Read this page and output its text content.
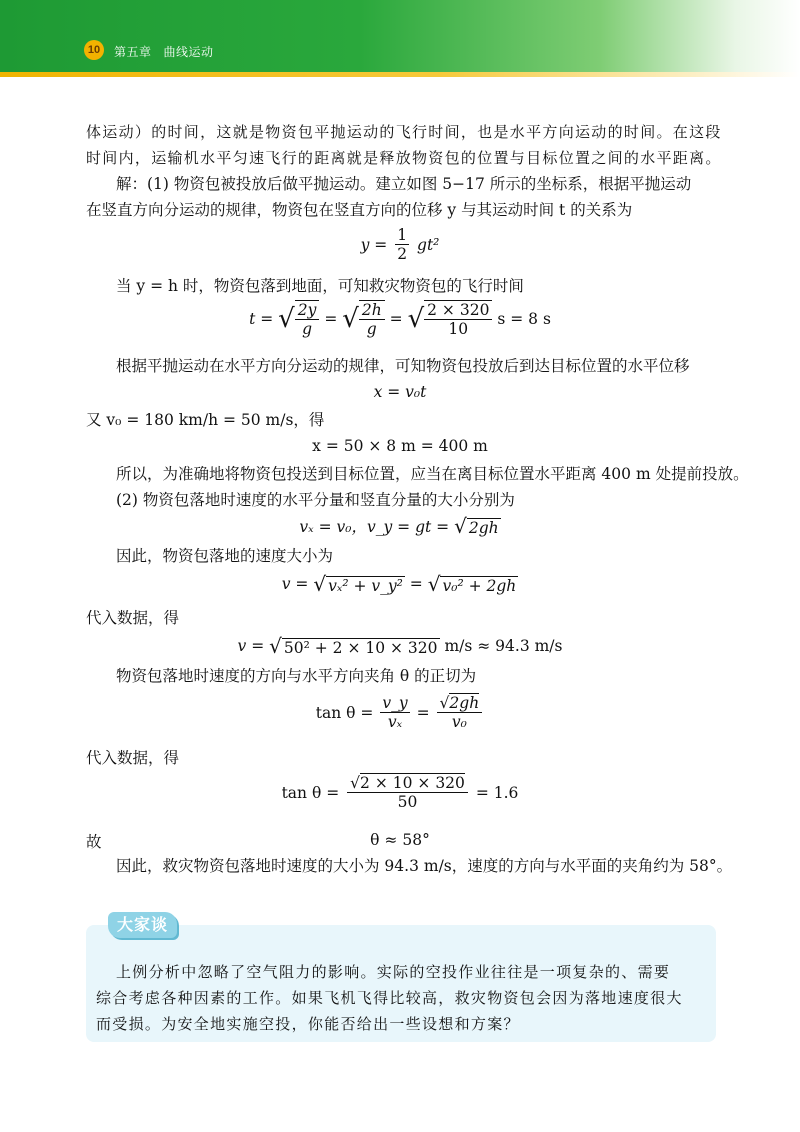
10	第五章 曲线运动
体运动）的时间，这就是物资包平抛运动的飞行时间，也是水平方向运动的时间。在这段
时间内，运输机水平匀速飞行的距离就是释放物资包的位置与目标位置之间的水平距离。
解：(1) 物资包被投放后做平抛运动。建立如图 5−17 所示的坐标系，根据平抛运动
在竖直方向分运动的规律，物资包在竖直方向的位移 y 与其运动时间 t 的关系为
$y = \frac{1}{2} gt^2$
当 y = h 时，物资包落到地面，可知救灾物资包的飞行时间
t = √ $\frac{2y}{g}$ = √ $\frac{2h}{g}$ = √ $\frac{2 \times 320}{10}$ s = 8 s
根据平抛运动在水平方向分运动的规律，可知物资包投放后到达目标位置的水平位移
x = v₀t
又 v₀ = 180 km/h = 50 m/s，得
x = 50 × 8 m = 400 m
所以，为准确地将物资包投送到目标位置，应当在离目标位置水平距离 400 m 处提前投放。
(2) 物资包落地时速度的水平分量和竖直分量的大小分别为
vₓ = v₀，v_y = gt = √ 2gh
因此，物资包落地的速度大小为
v = √ vₓ² + v_y² = √ v₀² + 2gh
代入数据，得
v = √ 50² + 2 × 10 × 320 m/s ≈ 94.3 m/s
物资包落地时速度的方向与水平方向夹角 θ 的正切为
$\tan \theta = \frac{v\_y}{\text{vₓ}} = \frac{√2gh}{\text{v₀}}$
代入数据，得
$\tan \theta = \frac{√2 \times 10 \times 320}{50} = 1.6$
故	θ ≈ 58°
因此，救灾物资包落地时速度的大小为 94.3 m/s，速度的方向与水平面的夹角约为 58°。
大家谈
上例分析中忽略了空气阻力的影响。实际的空投作业往往是一项复杂的、需要
综合考虑各种因素的工作。如果飞机飞得比较高，救灾物资包会因为落地速度很大
而受损。为安全地实施空投，你能否给出一些设想和方案？
